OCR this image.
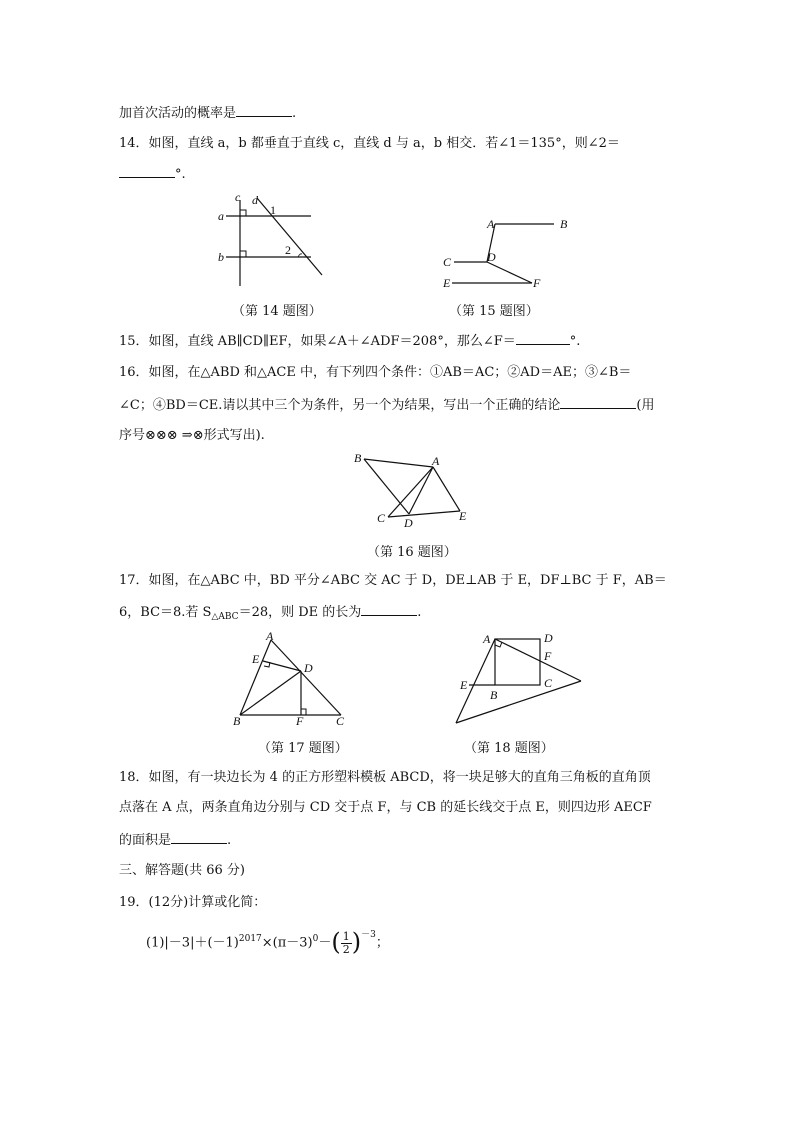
加首次活动的概率是	.
14．如图，直线 a，b 都垂直于直线 c，直线 d 与 a，b 相交．若∠1＝135°，则∠2＝
°.
c d
a
b
1
2
（第 14 题图）
A	B
C	D
E	F
（第 15 题图）
15．如图，直线 AB∥CD∥EF，如果∠A＋∠ADF＝208°，那么∠F＝	°.
16．如图，在△ABD 和△ACE 中，有下列四个条件：①AB＝AC；②AD＝AE；③∠B＝
∠C；④BD＝CE.请以其中三个为条件，另一个为结果，写出一个正确的结论	(用
序号⊗⊗⊗ ⇒⊗形式写出).
B	A
C D	E
（第 16 题图）
17．如图，在△ABC 中，BD 平分∠ABC 交 AC 于 D，DE⊥AB 于 E，DF⊥BC 于 F，AB＝
6，BC＝8.若 $S_{\triangle ABC}=28$，则 DE 的长为	.
A
E
D
B	F	C
（第 17 题图）
A	D
F
C
E
B
（第 18 题图）
18．如图，有一块边长为 4 的正方形塑料模板 ABCD，将一块足够大的直角三角板的直角顶
点落在 A 点，两条直角边分别与 CD 交于点 F，与 CB 的延长线交于点 E，则四边形 AECF
的面积是	.
三、解答题(共 66 分)
19．(12分)计算或化简：
$(1)|-3|+(-1)^{2017}\times(\pi-3)^0-( \frac{1}{2} )^{-3}$；
